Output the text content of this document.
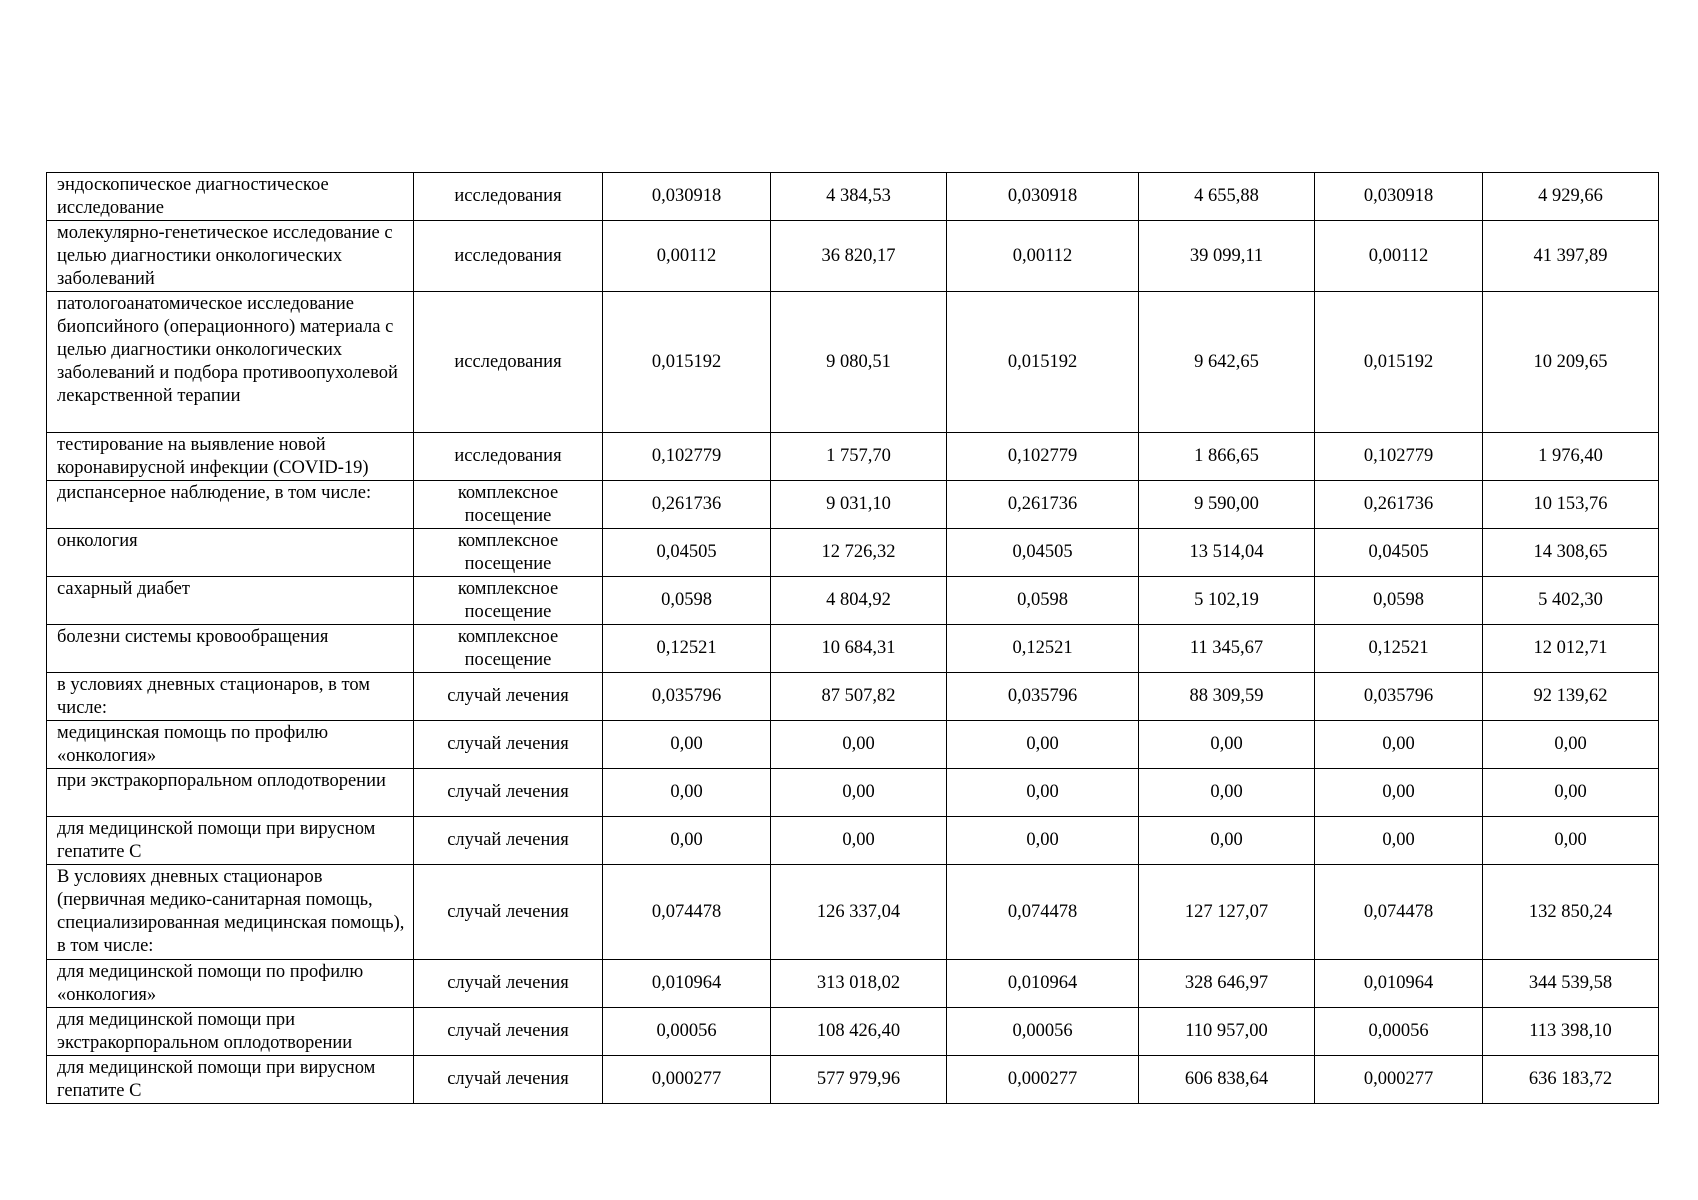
эндоскопическое диагностическое исследование	исследования	0,030918	4 384,53	0,030918	4 655,88	0,030918	4 929,66
молекулярно-генетическое исследование с целью диагностики онкологических заболеваний	исследования	0,00112	36 820,17	0,00112	39 099,11	0,00112	41 397,89
патологоанатомическое исследование биопсийного (операционного) материала с целью диагностики онкологических заболеваний и подбора противоопухолевой лекарственной терапии	исследования	0,015192	9 080,51	0,015192	9 642,65	0,015192	10 209,65
тестирование на выявление новой коронавирусной инфекции (COVID-19)	исследования	0,102779	1 757,70	0,102779	1 866,65	0,102779	1 976,40
диспансерное наблюдение, в том числе:	комплексное посещение	0,261736	9 031,10	0,261736	9 590,00	0,261736	10 153,76
онкология	комплексное посещение	0,04505	12 726,32	0,04505	13 514,04	0,04505	14 308,65
сахарный диабет	комплексное посещение	0,0598	4 804,92	0,0598	5 102,19	0,0598	5 402,30
болезни системы кровообращения	комплексное посещение	0,12521	10 684,31	0,12521	11 345,67	0,12521	12 012,71
в условиях дневных стационаров, в том числе:	случай лечения	0,035796	87 507,82	0,035796	88 309,59	0,035796	92 139,62
медицинская помощь по профилю «онкология»	случай лечения	0,00	0,00	0,00	0,00	0,00	0,00
при экстракорпоральном оплодотворении	случай лечения	0,00	0,00	0,00	0,00	0,00	0,00
для медицинской помощи при вирусном гепатите С	случай лечения	0,00	0,00	0,00	0,00	0,00	0,00
В условиях дневных стационаров (первичная медико-санитарная помощь, специализированная медицинская помощь), в том числе:	случай лечения	0,074478	126 337,04	0,074478	127 127,07	0,074478	132 850,24
для медицинской помощи по профилю «онкология»	случай лечения	0,010964	313 018,02	0,010964	328 646,97	0,010964	344 539,58
для медицинской помощи при экстракорпоральном оплодотворении	случай лечения	0,00056	108 426,40	0,00056	110 957,00	0,00056	113 398,10
для медицинской помощи при вирусном гепатите С	случай лечения	0,000277	577 979,96	0,000277	606 838,64	0,000277	636 183,72
